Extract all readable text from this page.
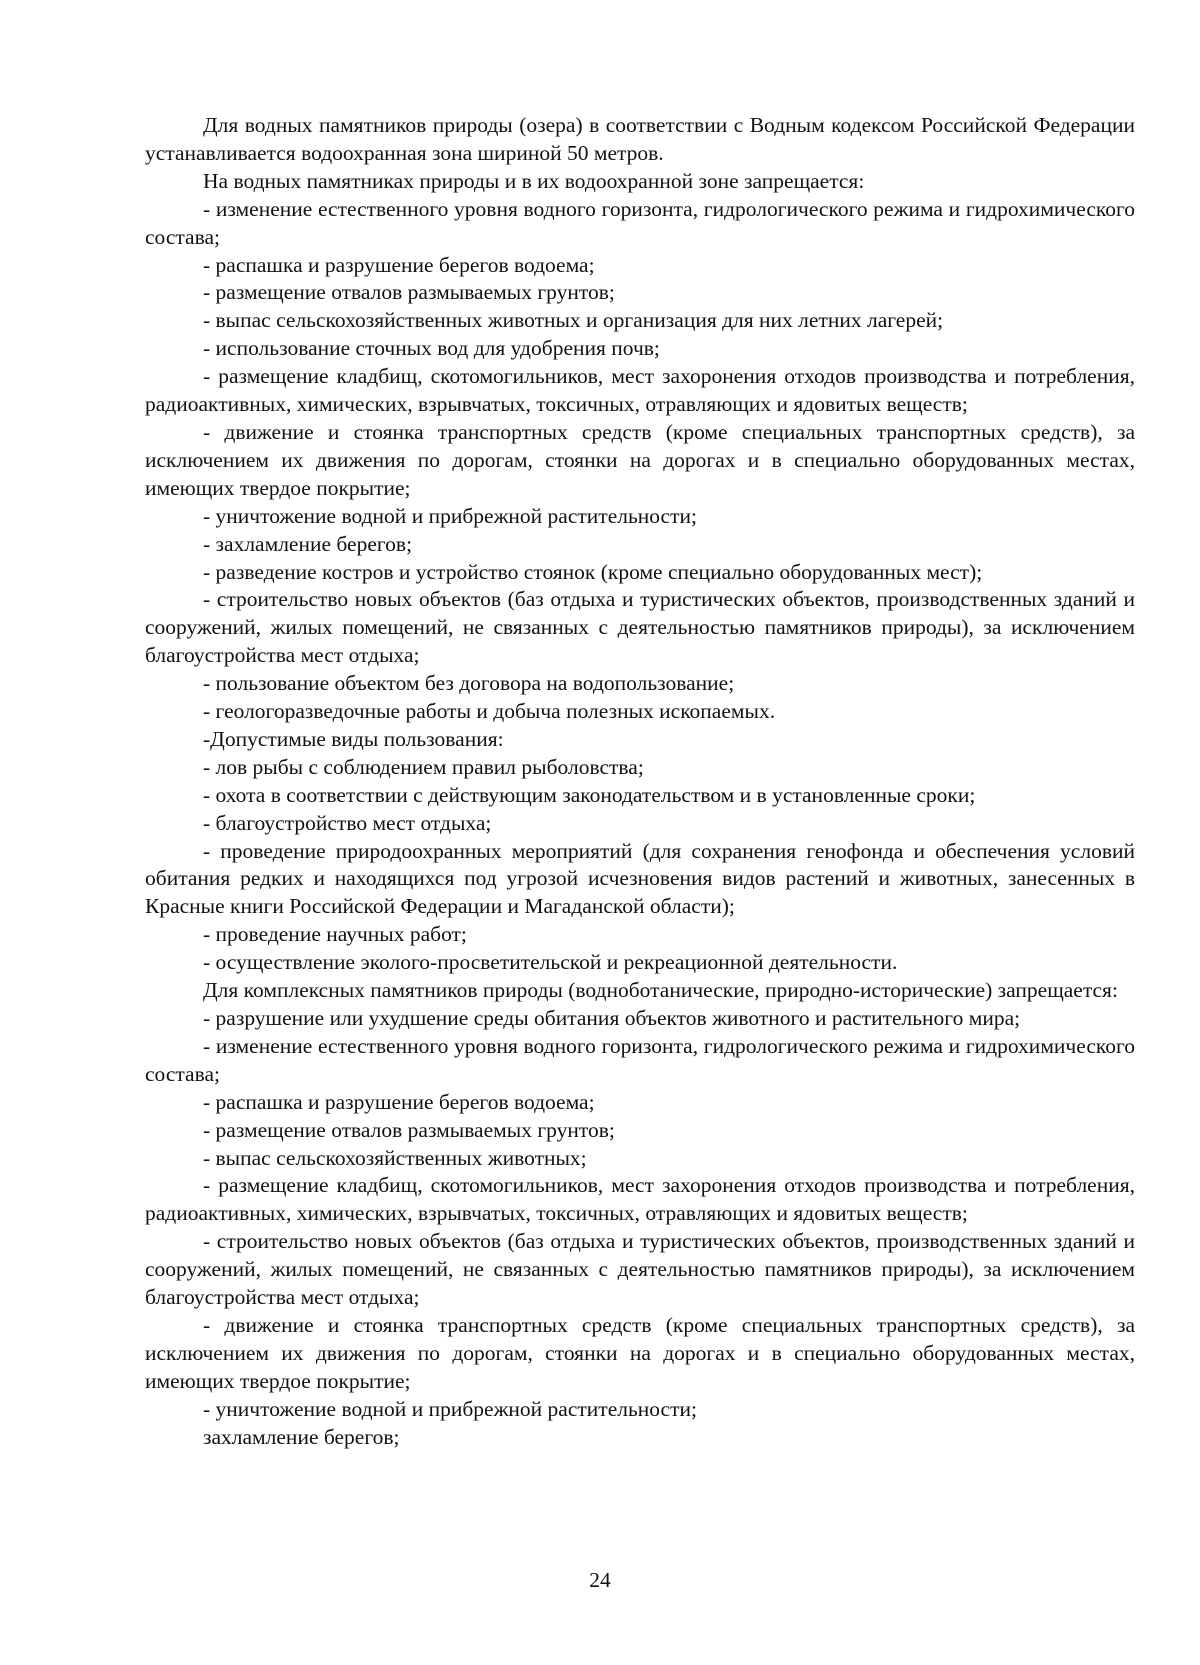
Для водных памятников природы (озера) в соответствии с Водным кодексом Российской Федерации устанавливается водоохранная зона шириной 50 метров.

На водных памятниках природы и в их водоохранной зоне запрещается:

- изменение естественного уровня водного горизонта, гидрологического режима и гидрохимического состава;

- распашка и разрушение берегов водоема;

- размещение отвалов размываемых грунтов;

- выпас сельскохозяйственных животных и организация для них летних лагерей;

- использование сточных вод для удобрения почв;

- размещение кладбищ, скотомогильников, мест захоронения отходов производства и потребления, радиоактивных, химических, взрывчатых, токсичных, отравляющих и ядовитых веществ;

- движение и стоянка транспортных средств (кроме специальных транспортных средств), за исключением их движения по дорогам, стоянки на дорогах и в специально оборудованных местах, имеющих твердое покрытие;

- уничтожение водной и прибрежной растительности;

- захламление берегов;

- разведение костров и устройство стоянок (кроме специально оборудованных мест);

- строительство новых объектов (баз отдыха и туристических объектов, производственных зданий и сооружений, жилых помещений, не связанных с деятельностью памятников природы), за исключением благоустройства мест отдыха;

- пользование объектом без договора на водопользование;

- геологоразведочные работы и добыча полезных ископаемых.

-Допустимые виды пользования:

- лов рыбы с соблюдением правил рыболовства;

- охота в соответствии с действующим законодательством и в установленные сроки;

- благоустройство мест отдыха;

- проведение природоохранных мероприятий (для сохранения генофонда и обеспечения условий обитания редких и находящихся под угрозой исчезновения видов растений и животных, занесенных в Красные книги Российской Федерации и Магаданской области);

- проведение научных работ;

- осуществление эколого-просветительской и рекреационной деятельности.

Для комплексных памятников природы (водноботанические, природно-исторические) запрещается:

- разрушение или ухудшение среды обитания объектов животного и растительного мира;

- изменение естественного уровня водного горизонта, гидрологического режима и гидрохимического состава;

- распашка и разрушение берегов водоема;

- размещение отвалов размываемых грунтов;

- выпас сельскохозяйственных животных;

- размещение кладбищ, скотомогильников, мест захоронения отходов производства и потребления, радиоактивных, химических, взрывчатых, токсичных, отравляющих и ядовитых веществ;

- строительство новых объектов (баз отдыха и туристических объектов, производственных зданий и сооружений, жилых помещений, не связанных с деятельностью памятников природы), за исключением благоустройства мест отдыха;

- движение и стоянка транспортных средств (кроме специальных транспортных средств), за исключением их движения по дорогам, стоянки на дорогах и в специально оборудованных местах, имеющих твердое покрытие;

- уничтожение водной и прибрежной растительности;

захламление берегов;

24
